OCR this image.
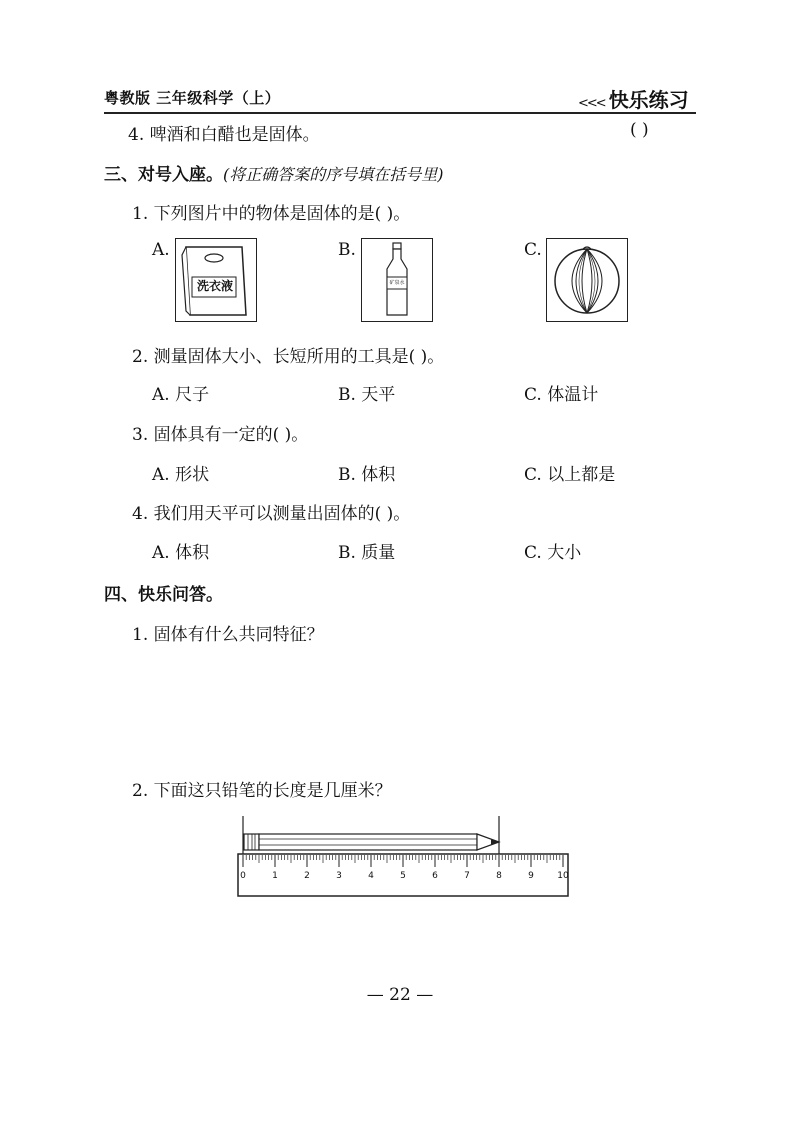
粤教版 三年级科学（上）	<<< 快乐练习
4. 啤酒和白醋也是固体。	( )
三、对号入座。(将正确答案的序号填在括号里)
1. 下列图片中的物体是固体的是( )。
A.
洗衣液
B.
矿泉水
C.
2. 测量固体大小、长短所用的工具是( )。
A. 尺子	B. 天平	C. 体温计
3. 固体具有一定的( )。
A. 形状	B. 体积	C. 以上都是
4. 我们用天平可以测量出固体的( )。
A. 体积	B. 质量	C. 大小
四、快乐问答。
1. 固体有什么共同特征？
2. 下面这只铅笔的长度是几厘米？
0	1	2	3	4	5	6	7	8	9	10
— 22 —
